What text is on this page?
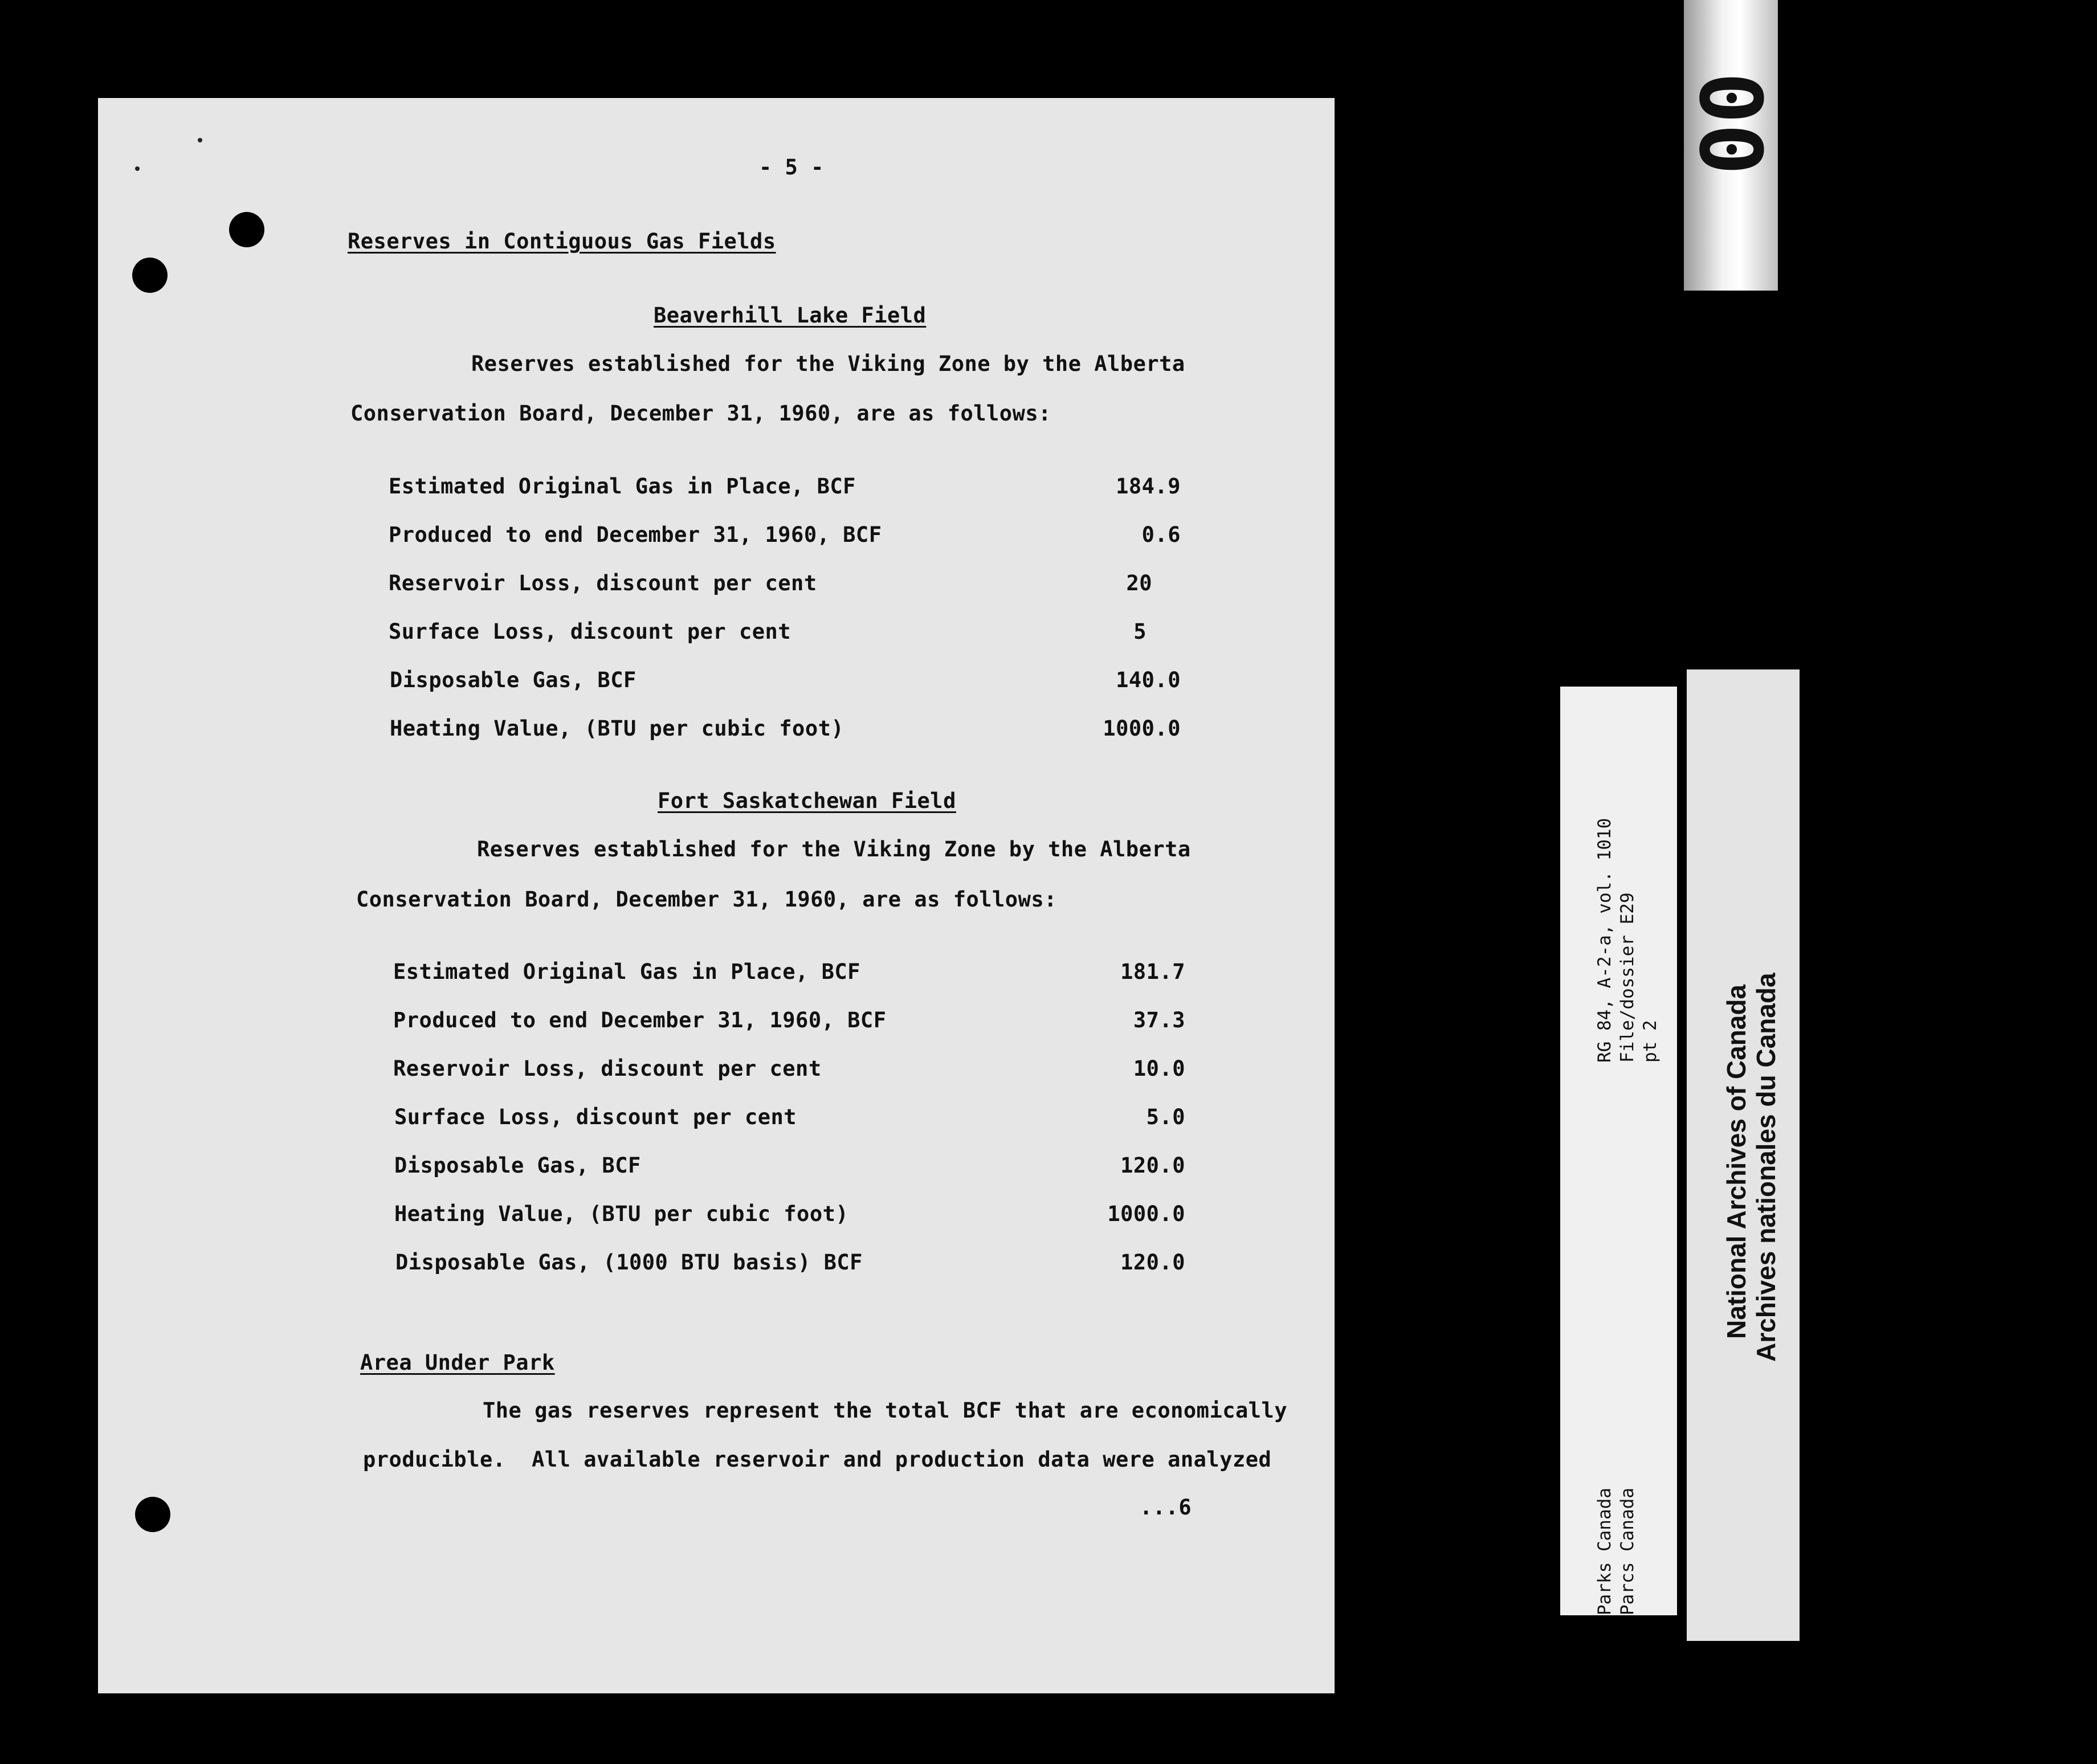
- 5 -
Reserves in Contiguous Gas Fields
Beaverhill Lake Field
Reserves established for the Viking Zone by the Alberta
Conservation Board, December 31, 1960, are as follows:
Estimated Original Gas in Place, BCF	184.9
Produced to end December 31, 1960, BCF	0.6
Reservoir Loss, discount per cent	20
Surface Loss, discount per cent	5
Disposable Gas, BCF	140.0
Heating Value, (BTU per cubic foot)	1000.0
Fort Saskatchewan Field
Reserves established for the Viking Zone by the Alberta
Conservation Board, December 31, 1960, are as follows:
Estimated Original Gas in Place, BCF	181.7
Produced to end December 31, 1960, BCF	37.3
Reservoir Loss, discount per cent	10.0
Surface Loss, discount per cent	5.0
Disposable Gas, BCF	120.0
Heating Value, (BTU per cubic foot)	1000.0
Disposable Gas, (1000 BTU basis) BCF	120.0
Area Under Park
The gas reserves represent the total BCF that are economically
producible.  All available reservoir and production data were analyzed
...6
00
RG 84, A-2-a, vol. 1010 File/dossier E29 pt 2
Parks Canada Parcs Canada
National Archives of Canada Archives nationales du Canada
